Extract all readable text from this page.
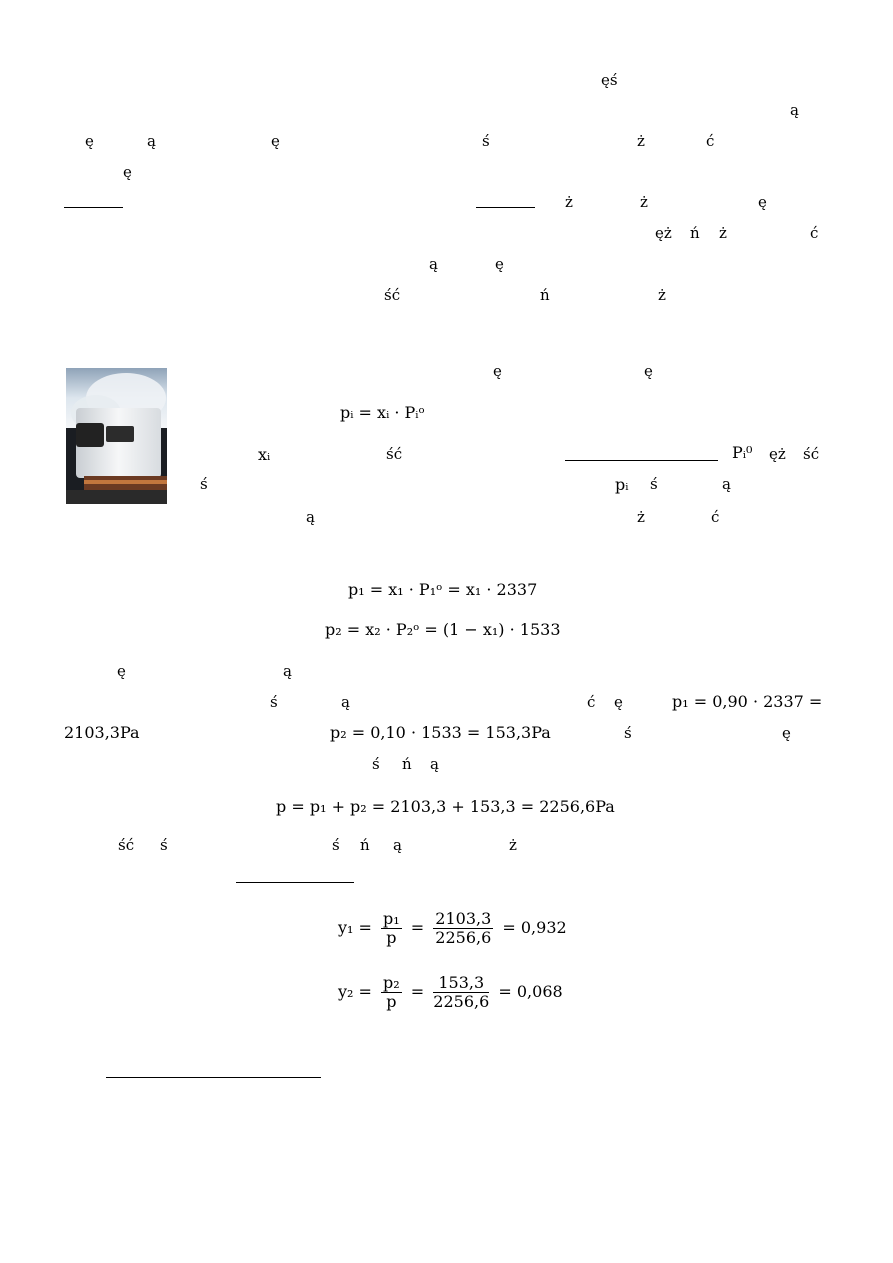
ęś
ą
ę	ą	ę	ś	ż	ć
ę
ż	ż	ę
ęż ń ż	ć
ą	ę
ść	ń	ż
ę	ę
pᵢ = xᵢ · Pᵢᵒ
xᵢ	ść	Pᵢ⁰ ęż ść
ś	pᵢ ś	ą
ą	ż	ć
p₁ = x₁ · P₁ᵒ = x₁ · 2337
p₂ = x₂ · P₂ᵒ = (1 − x₁) · 1533
ę	ą
ś	ą	ć ę	p₁ = 0,90 · 2337 =
2103,3Pa	p₂ = 0,10 · 1533 = 153,3Pa	ś	ę
ś ń ą
p = p₁ + p₂ = 2103,3 + 153,3 = 2256,6Pa
ść ś	ś ń ą	ż
$y_1 = \frac{\text{p₁}}{p} = \frac{2103,3}{2256,6} = 0,932$
$y_2 = \frac{\text{p₂}}{p} = \frac{153,3}{2256,6} = 0,068$
